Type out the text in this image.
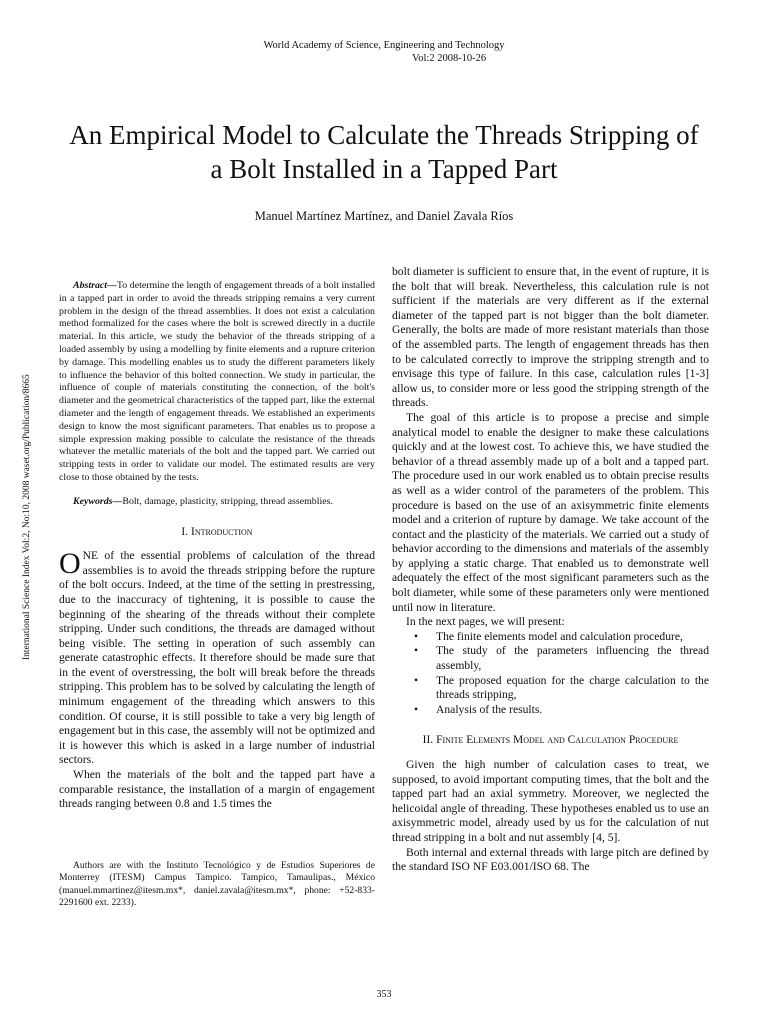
World Academy of Science, Engineering and Technology
Vol:2 2008-10-26
An Empirical Model to Calculate the Threads Stripping of a Bolt Installed in a Tapped Part
Manuel Martínez Martínez, and Daniel Zavala Ríos
International Science Index Vol:2, No:10, 2008 waset.org/Publication/8665

Abstract—To determine the length of engagement threads of a bolt installed in a tapped part in order to avoid the threads stripping remains a very current problem in the design of the thread assemblies. It does not exist a calculation method formalized for the cases where the bolt is screwed directly in a ductile material. In this article, we study the behavior of the threads stripping of a loaded assembly by using a modelling by finite elements and a rupture criterion by damage. This modelling enables us to study the different parameters likely to influence the behavior of this bolted connection. We study in particular, the influence of couple of materials constituting the connection, of the bolt's diameter and the geometrical characteristics of the tapped part, like the external diameter and the length of engagement threads. We established an experiments design to know the most significant parameters. That enables us to propose a simple expression making possible to calculate the resistance of the threads whatever the metallic materials of the bolt and the tapped part. We carried out stripping tests in order to validate our model. The estimated results are very close to those obtained by the tests.

Keywords—Bolt, damage, plasticity, stripping, thread assemblies.

I. Introduction

ONE of the essential problems of calculation of the thread assemblies is to avoid the threads stripping before the rupture of the bolt occurs. Indeed, at the time of the setting in prestressing, due to the inaccuracy of tightening, it is possible to cause the beginning of the shearing of the threads without their complete stripping. Under such conditions, the threads are damaged without being visible. The setting in operation of such assembly can generate catastrophic effects. It therefore should be made sure that in the event of overstressing, the bolt will break before the threads stripping. This problem has to be solved by calculating the length of minimum engagement of the threading which answers to this condition. Of course, it is still possible to take a very big length of engagement but in this case, the assembly will not be optimized and it is however this which is asked in a large number of industrial sectors.

When the materials of the bolt and the tapped part have a comparable resistance, the installation of a margin of engagement threads ranging between 0.8 and 1.5 times the

Authors are with the Instituto Tecnológico y de Estudios Superiores de Monterrey (ITESM) Campus Tampico. Tampico, Tamaulipas., México (manuel.mmartinez@itesm.mx*, daniel.zavala@itesm.mx*, phone: +52-833-2291600 ext. 2233).

bolt diameter is sufficient to ensure that, in the event of rupture, it is the bolt that will break. Nevertheless, this calculation rule is not sufficient if the materials are very different as if the external diameter of the tapped part is not bigger than the bolt diameter. Generally, the bolts are made of more resistant materials than those of the assembled parts. The length of engagement threads has then to be calculated correctly to improve the stripping strength and to envisage this type of failure. In this case, calculation rules [1-3] allow us, to consider more or less good the stripping strength of the threads.

The goal of this article is to propose a precise and simple analytical model to enable the designer to make these calculations quickly and at the lowest cost. To achieve this, we have studied the behavior of a thread assembly made up of a bolt and a tapped part. The procedure used in our work enabled us to obtain precise results as well as a wider control of the parameters of the problem. This procedure is based on the use of an axisymmetric finite elements model and a criterion of rupture by damage. We take account of the contact and the plasticity of the materials. We carried out a study of behavior according to the dimensions and materials of the assembly by applying a static charge. That enabled us to demonstrate well adequately the effect of the most significant parameters such as the bolt diameter, while some of these parameters only were mentioned until now in literature.

In the next pages, we will present:

• The finite elements model and calculation procedure,
• The study of the parameters influencing the thread assembly,
• The proposed equation for the charge calculation to the threads stripping,
• Analysis of the results.
II. Finite Elements Model and Calculation Procedure

Given the high number of calculation cases to treat, we supposed, to avoid important computing times, that the bolt and the tapped part had an axial symmetry. Moreover, we neglected the helicoidal angle of threading. These hypotheses enabled us to use an axisymmetric model, already used by us for the calculation of nut thread stripping in a bolt and nut assembly [4, 5].

Both internal and external threads with large pitch are defined by the standard ISO NF E03.001/ISO 68. The

353
